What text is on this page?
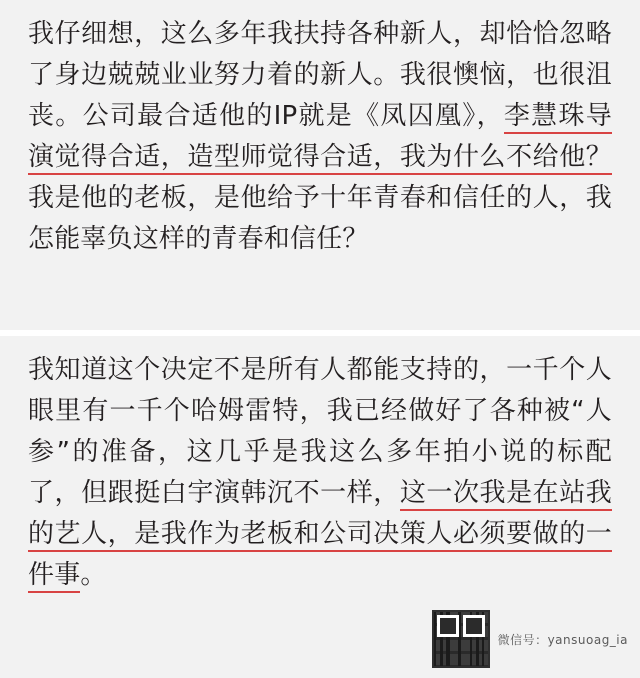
我仔细想，这么多年我扶持各种新人，却恰恰忽略了身边兢兢业业努力着的新人。我很懊恼，也很沮丧。公司最合适他的IP就是《凤囚凰》，李慧珠导演觉得合适，造型师觉得合适，我为什么不给他？我是他的老板，是他给予十年青春和信任的人，我怎能辜负这样的青春和信任？

我知道这个决定不是所有人都能支持的，一千个人眼里有一千个哈姆雷特，我已经做好了各种被“人参”的准备，这几乎是我这么多年拍小说的标配了，但跟挺白宇演韩沉不一样，这一次我是在站我的艺人，是我作为老板和公司决策人必须要做的一件事。

微信号：yansuoag_ia
